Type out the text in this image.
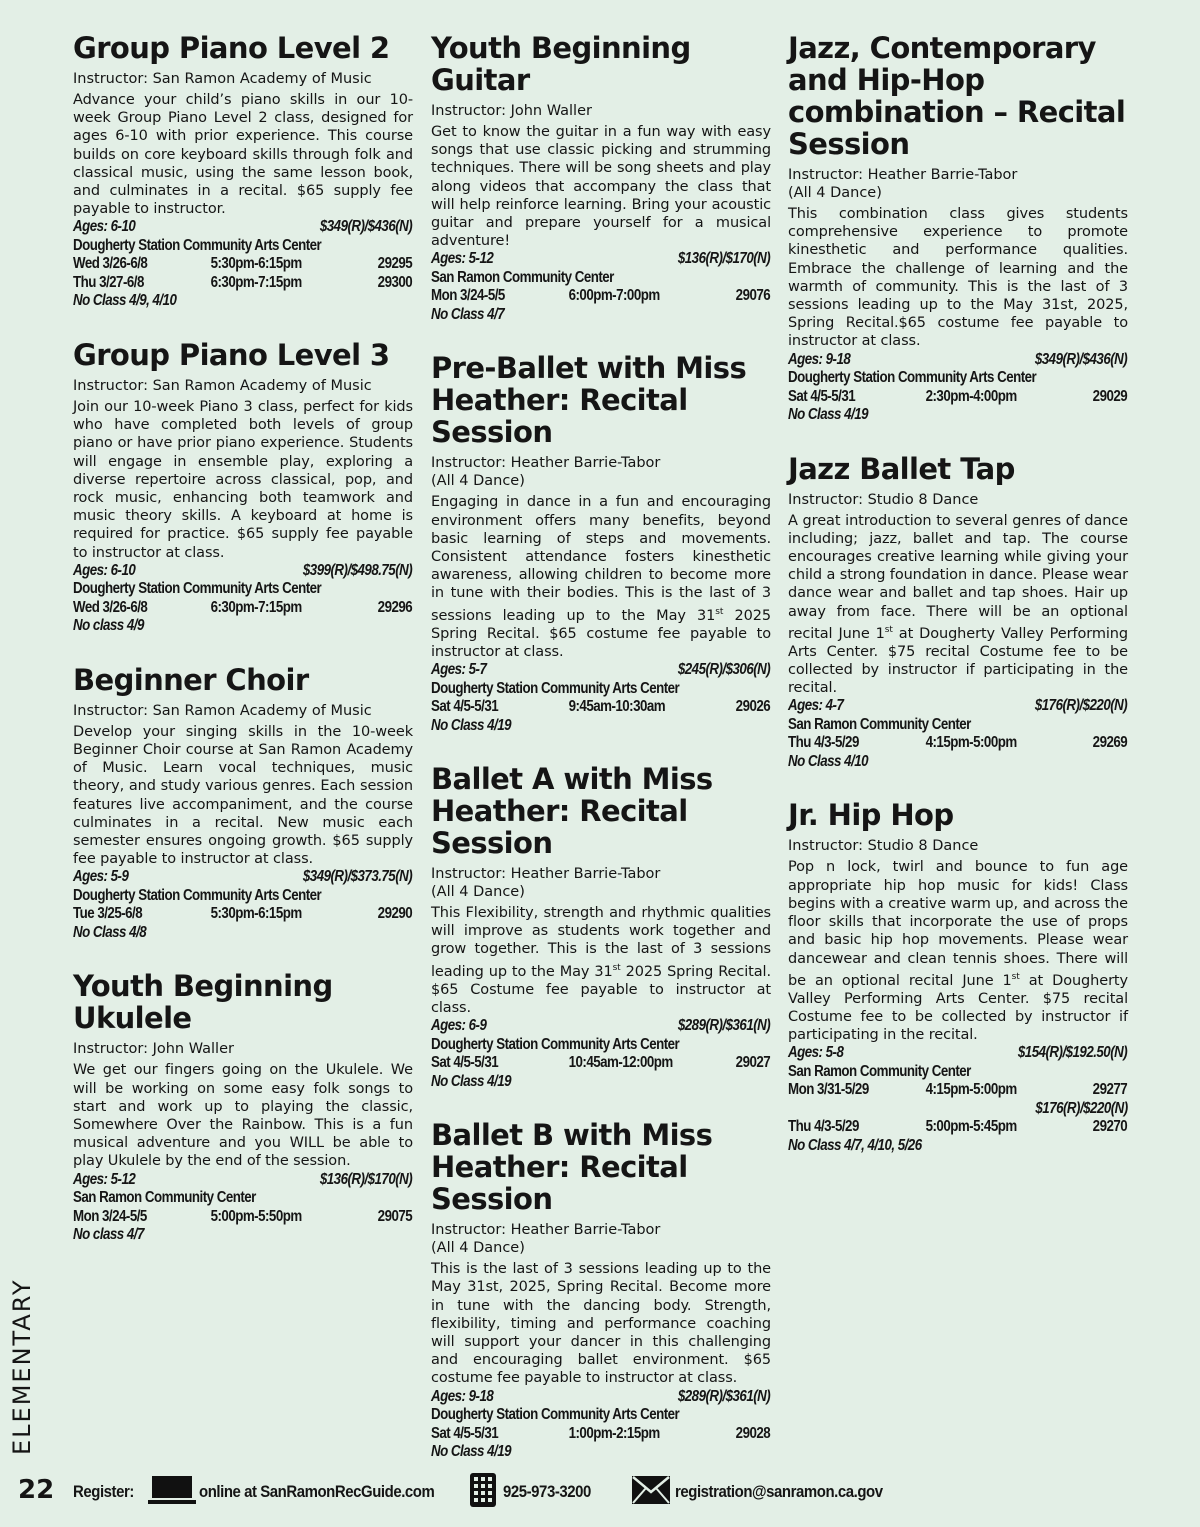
Group Piano Level 2
Instructor: San Ramon Academy of Music
Advance your child’s piano skills in our 10-week Group Piano Level 2 class, designed for ages 6-10 with prior experience. This course builds on core keyboard skills through folk and classical music, using the same lesson book, and culminates in a recital. $65 supply fee payable to instructor.
Ages: 6-10	$349(R)/$436(N)
Dougherty Station Community Arts Center
Wed 3/26-6/8	5:30pm-6:15pm	29295
Thu 3/27-6/8	6:30pm-7:15pm	29300
No Class 4/9, 4/10
Group Piano Level 3
Instructor: San Ramon Academy of Music
Join our 10-week Piano 3 class, perfect for kids who have completed both levels of group piano or have prior piano experience. Students will engage in ensemble play, exploring a diverse repertoire across classical, pop, and rock music, enhancing both teamwork and music theory skills. A keyboard at home is required for practice. $65 supply fee payable to instructor at class.
Ages: 6-10	$399(R)/$498.75(N)
Dougherty Station Community Arts Center
Wed 3/26-6/8	6:30pm-7:15pm	29296
No class 4/9
Beginner Choir
Instructor: San Ramon Academy of Music
Develop your singing skills in the 10-week Beginner Choir course at San Ramon Academy of Music. Learn vocal techniques, music theory, and study various genres. Each session features live accompaniment, and the course culminates in a recital. New music each semester ensures ongoing growth. $65 supply fee payable to instructor at class.
Ages: 5-9	$349(R)/$373.75(N)
Dougherty Station Community Arts Center
Tue 3/25-6/8	5:30pm-6:15pm	29290
No Class 4/8
Youth Beginning Ukulele
Instructor: John Waller
We get our fingers going on the Ukulele. We will be working on some easy folk songs to start and work up to playing the classic, Somewhere Over the Rainbow. This is a fun musical adventure and you WILL be able to play Ukulele by the end of the session.
Ages: 5-12	$136(R)/$170(N)
San Ramon Community Center
Mon 3/24-5/5	5:00pm-5:50pm	29075
No class 4/7
Youth Beginning Guitar
Instructor: John Waller
Get to know the guitar in a fun way with easy songs that use classic picking and strumming techniques. There will be song sheets and play along videos that accompany the class that will help reinforce learning. Bring your acoustic guitar and prepare yourself for a musical adventure!
Ages: 5-12	$136(R)/$170(N)
San Ramon Community Center
Mon 3/24-5/5	6:00pm-7:00pm	29076
No Class 4/7
Pre-Ballet with Miss Heather: Recital Session
Instructor: Heather Barrie-Tabor
(All 4 Dance)
Engaging in dance in a fun and encouraging environment offers many benefits, beyond basic learning of steps and movements. Consistent attendance fosters kinesthetic awareness, allowing children to become more in tune with their bodies. This is the last of 3 sessions leading up to the May 31st 2025 Spring Recital. $65 costume fee payable to instructor at class.
Ages: 5-7	$245(R)/$306(N)
Dougherty Station Community Arts Center
Sat 4/5-5/31	9:45am-10:30am	29026
No Class 4/19
Ballet A with Miss Heather: Recital Session
Instructor: Heather Barrie-Tabor
(All 4 Dance)
This Flexibility, strength and rhythmic qualities will improve as students work together and grow together. This is the last of 3 sessions leading up to the May 31st 2025 Spring Recital. $65 Costume fee payable to instructor at class.
Ages: 6-9	$289(R)/$361(N)
Dougherty Station Community Arts Center
Sat 4/5-5/31	10:45am-12:00pm	29027
No Class 4/19
Ballet B with Miss Heather: Recital Session
Instructor: Heather Barrie-Tabor
(All 4 Dance)
This is the last of 3 sessions leading up to the May 31st, 2025, Spring Recital. Become more in tune with the dancing body. Strength, flexibility, timing and performance coaching will support your dancer in this challenging and encouraging ballet environment. $65 costume fee payable to instructor at class.
Ages: 9-18	$289(R)/$361(N)
Dougherty Station Community Arts Center
Sat 4/5-5/31	1:00pm-2:15pm	29028
No Class 4/19
Jazz, Contemporary and Hip-Hop combination – Recital Session
Instructor: Heather Barrie-Tabor
(All 4 Dance)
This combination class gives students comprehensive experience to promote kinesthetic and performance qualities. Embrace the challenge of learning and the warmth of community. This is the last of 3 sessions leading up to the May 31st, 2025, Spring Recital.$65 costume fee payable to instructor at class.
Ages: 9-18	$349(R)/$436(N)
Dougherty Station Community Arts Center
Sat 4/5-5/31	2:30pm-4:00pm	29029
No Class 4/19
Jazz Ballet Tap
Instructor: Studio 8 Dance
A great introduction to several genres of dance including; jazz, ballet and tap. The course encourages creative learning while giving your child a strong foundation in dance. Please wear dance wear and ballet and tap shoes. Hair up away from face. There will be an optional recital June 1st at Dougherty Valley Performing Arts Center. $75 recital Costume fee to be collected by instructor if participating in the recital.
Ages: 4-7	$176(R)/$220(N)
San Ramon Community Center
Thu 4/3-5/29	4:15pm-5:00pm	29269
No Class 4/10
Jr. Hip Hop
Instructor: Studio 8 Dance
Pop n lock, twirl and bounce to fun age appropriate hip hop music for kids! Class begins with a creative warm up, and across the floor skills that incorporate the use of props and basic hip hop movements. Please wear dancewear and clean tennis shoes. There will be an optional recital June 1st at Dougherty Valley Performing Arts Center. $75 recital Costume fee to be collected by instructor if participating in the recital.
Ages: 5-8	$154(R)/$192.50(N)
San Ramon Community Center
Mon 3/31-5/29	4:15pm-5:00pm	29277
$176(R)/$220(N)
Thu 4/3-5/29	5:00pm-5:45pm	29270
No Class 4/7, 4/10, 5/26
ELEMENTARY
22 Register:	online at SanRamonRecGuide.com	925-973-3200	registration@sanramon.ca.gov
